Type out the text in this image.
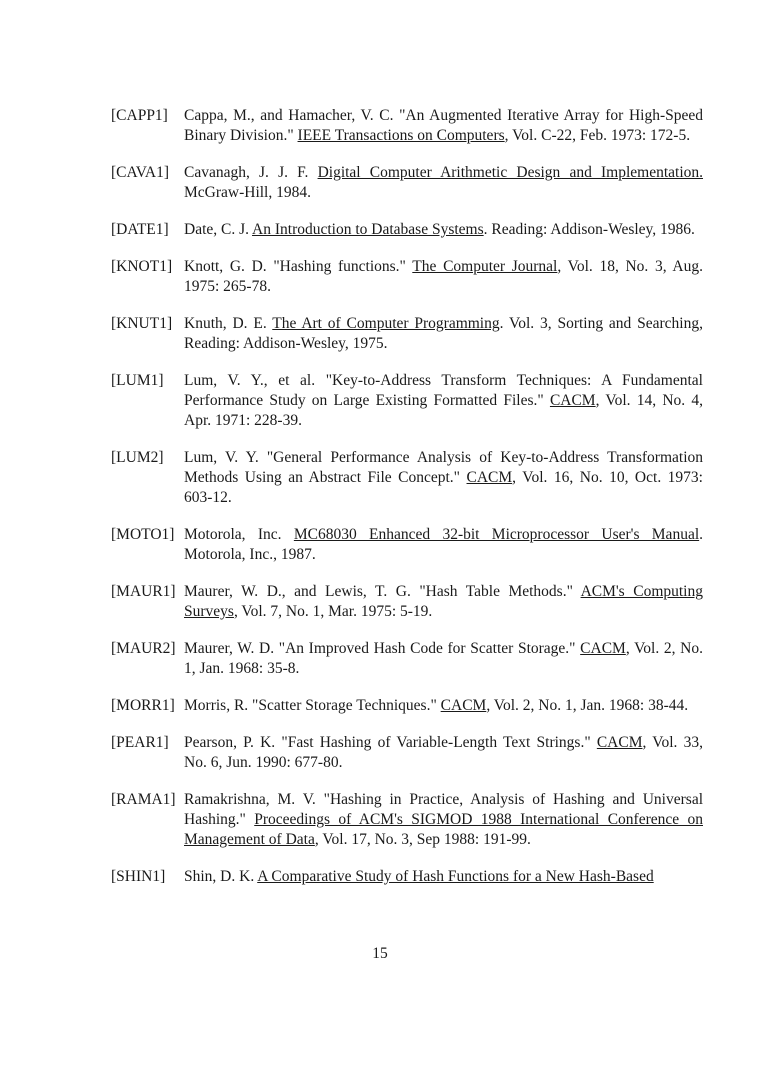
[CAPP1]	Cappa, M., and Hamacher, V. C. "An Augmented Iterative Array for High-Speed Binary Division." IEEE Transactions on Computers, Vol. C-22, Feb. 1973: 172-5.
[CAVA1] Cavanagh, J. J. F. Digital Computer Arithmetic Design and Implementation. McGraw-Hill, 1984.
[DATE1] Date, C. J. An Introduction to Database Systems. Reading: Addison-Wesley, 1986.
[KNOT1] Knott, G. D. "Hashing functions." The Computer Journal, Vol. 18, No. 3, Aug. 1975: 265-78.
[KNUT1] Knuth, D. E. The Art of Computer Programming. Vol. 3, Sorting and Searching, Reading: Addison-Wesley, 1975.
[LUM1]	Lum, V. Y., et al. "Key-to-Address Transform Techniques: A Fundamental Performance Study on Large Existing Formatted Files." CACM, Vol. 14, No. 4, Apr. 1971: 228-39.
[LUM2]	Lum, V. Y. "General Performance Analysis of Key-to-Address Transformation Methods Using an Abstract File Concept." CACM, Vol. 16, No. 10, Oct. 1973: 603-12.
[MOTO1] Motorola, Inc. MC68030 Enhanced 32-bit Microprocessor User's Manual. Motorola, Inc., 1987.
[MAUR1] Maurer, W. D., and Lewis, T. G. "Hash Table Methods." ACM's Computing Surveys, Vol. 7, No. 1, Mar. 1975: 5-19.
[MAUR2] Maurer, W. D. "An Improved Hash Code for Scatter Storage." CACM, Vol. 2, No. 1, Jan. 1968: 35-8.
[MORR1] Morris, R. "Scatter Storage Techniques." CACM, Vol. 2, No. 1, Jan. 1968: 38-44.
[PEAR1] Pearson, P. K. "Fast Hashing of Variable-Length Text Strings." CACM, Vol. 33, No. 6, Jun. 1990: 677-80.
[RAMA1] Ramakrishna, M. V. "Hashing in Practice, Analysis of Hashing and Universal Hashing." Proceedings of ACM's SIGMOD 1988 International Conference on Management of Data, Vol. 17, No. 3, Sep 1988: 191-99.
[SHIN1]	Shin, D. K. A Comparative Study of Hash Functions for a New Hash-Based
15
